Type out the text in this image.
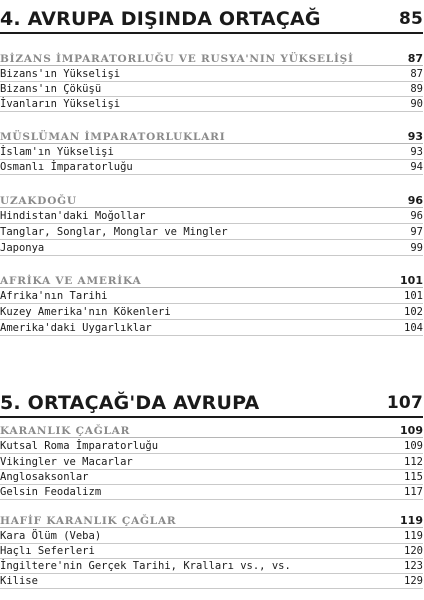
4. AVRUPA DIŞINDA ORTAÇAĞ	85
BİZANS İMPARATORLUĞU VE RUSYA'NIN YÜKSELİŞİ	87
Bizans'ın Yükselişi	87
Bizans'ın Çöküşü	89
İvanların Yükselişi	90
MÜSLÜMAN İMPARATORLUKLARI	93
İslam'ın Yükselişi	93
Osmanlı İmparatorluğu	94
UZAKDOĞU	96
Hindistan'daki Moğollar	96
Tanglar, Songlar, Monglar ve Mingler	97
Japonya	99
AFRİKA VE AMERİKA	101
Afrika'nın Tarihi	101
Kuzey Amerika'nın Kökenleri	102
Amerika'daki Uygarlıklar	104
5. ORTAÇAĞ'DA AVRUPA	107
KARANLIK ÇAĞLAR	109
Kutsal Roma İmparatorluğu	109
Vikingler ve Macarlar	112
Anglosaksonlar	115
Gelsin Feodalizm	117
HAFİF KARANLIK ÇAĞLAR	119
Kara Ölüm (Veba)	119
Haçlı Seferleri	120
İngiltere'nin Gerçek Tarihi, Kralları vs., vs.	123
Kilise	129
